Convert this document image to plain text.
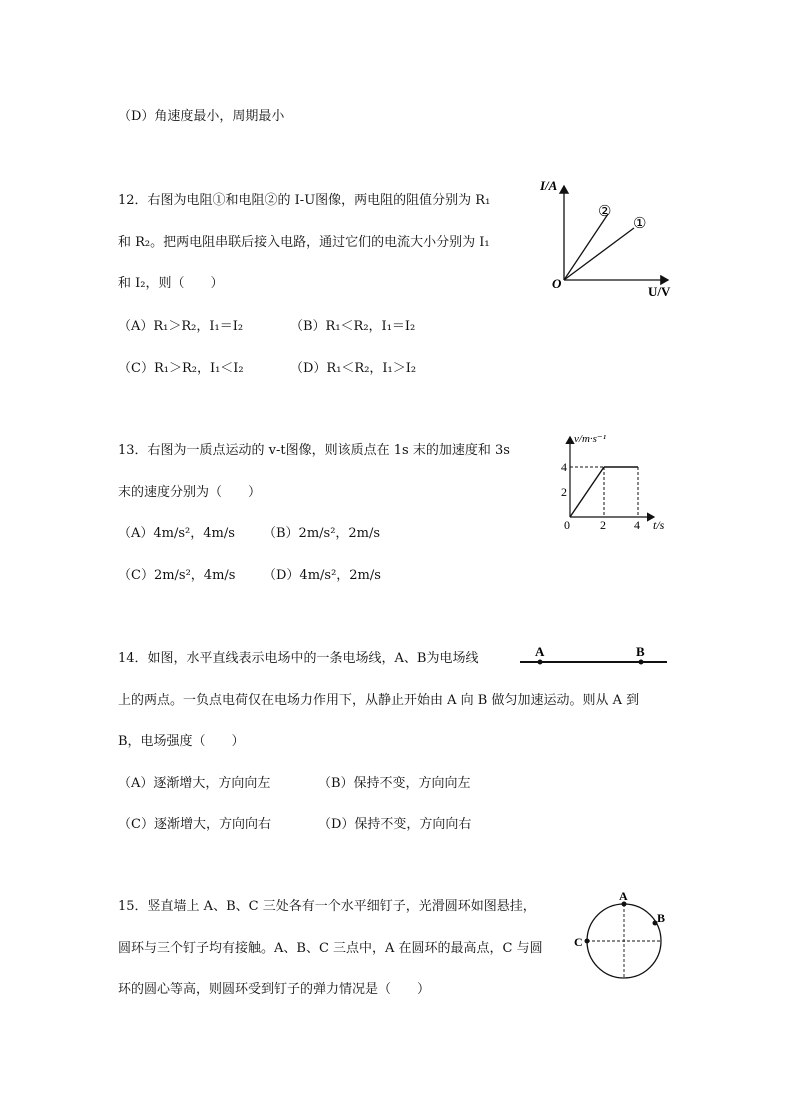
（D）角速度最小，周期最小
12．右图为电阻①和电阻②的 I-U图像，两电阻的阻值分别为 R₁
和 R₂。把两电阻串联后接入电路，通过它们的电流大小分别为 I₁
和 I₂，则（　　）
（A）R₁＞R₂，I₁＝I₂	（B）R₁＜R₂，I₁＝I₂
（C）R₁＞R₂，I₁＜I₂	（D）R₁＜R₂，I₁＞I₂
I/A
U/V
O
②
①
13．右图为一质点运动的 v-t图像，则该质点在 1s 末的加速度和 3s
末的速度分别为（　　）
（A）4m/s²，4m/s （B）2m/s²，2m/s
（C）2m/s²，4m/s （D）4m/s²，2m/s
v/m·s⁻¹
4
2
0	2 4 t/s
14．如图，水平直线表示电场中的一条电场线，A、B为电场线
上的两点。一负点电荷仅在电场力作用下，从静止开始由 A 向 B 做匀加速运动。则从 A 到
B，电场强度（　　）
（A）逐渐增大，方向向左	（B）保持不变，方向向左
（C）逐渐增大，方向向右	（D）保持不变，方向向右
A	B
15．竖直墙上 A、B、C 三处各有一个水平细钉子，光滑圆环如图悬挂，
圆环与三个钉子均有接触。A、B、C 三点中，A 在圆环的最高点，C 与圆
环的圆心等高，则圆环受到钉子的弹力情况是（　　）
A
B
C
